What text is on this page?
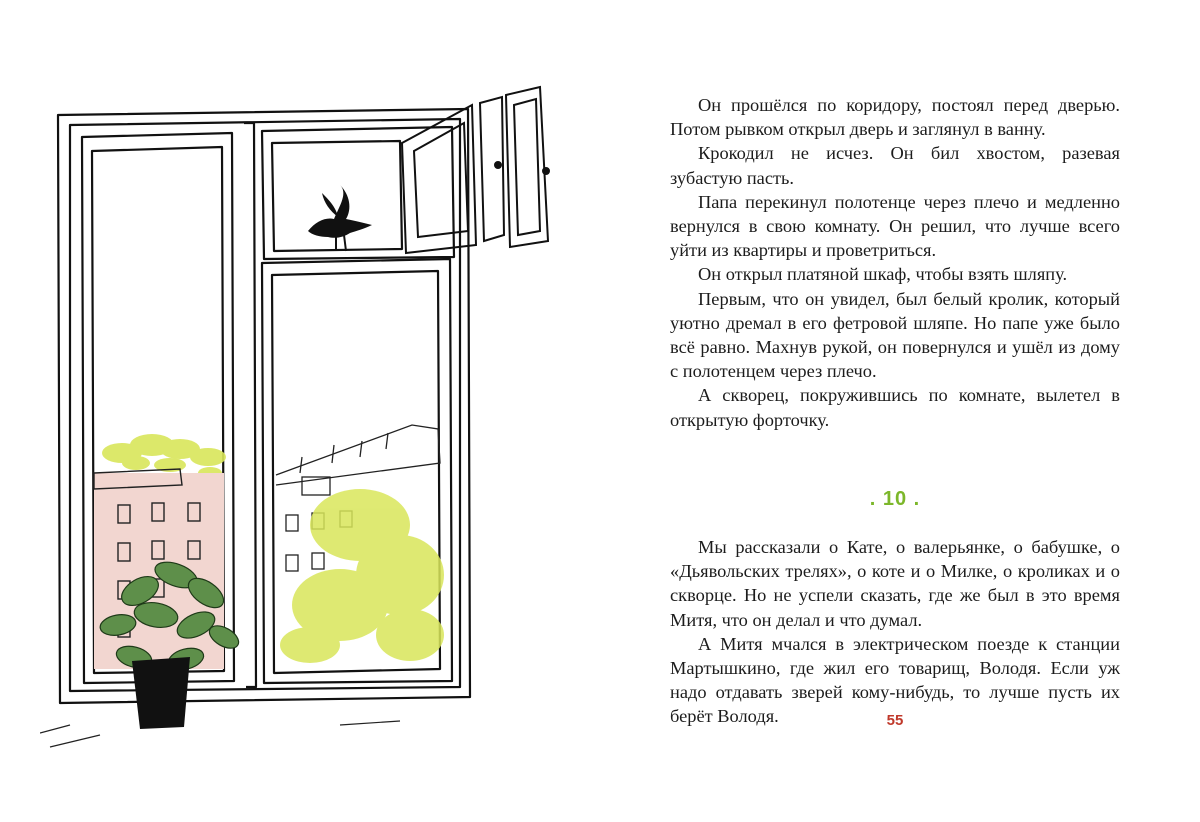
Он прошёлся по коридору, постоял перед дверью. Потом рывком открыл дверь и заглянул в ванну.

Крокодил не исчез. Он бил хвостом, разевая зубастую пасть.

Папа перекинул полотенце через плечо и медленно вернулся в свою комнату. Он решил, что лучше всего уйти из квартиры и проветриться.

Он открыл платяной шкаф, чтобы взять шляпу.

Первым, что он увидел, был белый кролик, который уютно дремал в его фетровой шляпе. Но папе уже было всё равно. Махнув рукой, он повернулся и ушёл из дому с полотенцем через плечо.

А скворец, покружившись по комнате, вылетел в открытую форточку.

. 10 .

Мы рассказали о Кате, о валерьянке, о бабушке, о «Дьявольских трелях», о коте и о Милке, о кроликах и о скворце. Но не успели сказать, где же был в это время Митя, что он делал и что думал.

А Митя мчался в электрическом поезде к станции Мартышкино, где жил его товарищ, Володя. Если уж надо отдавать зверей кому-нибудь, то лучше пусть их берёт Володя.	55
